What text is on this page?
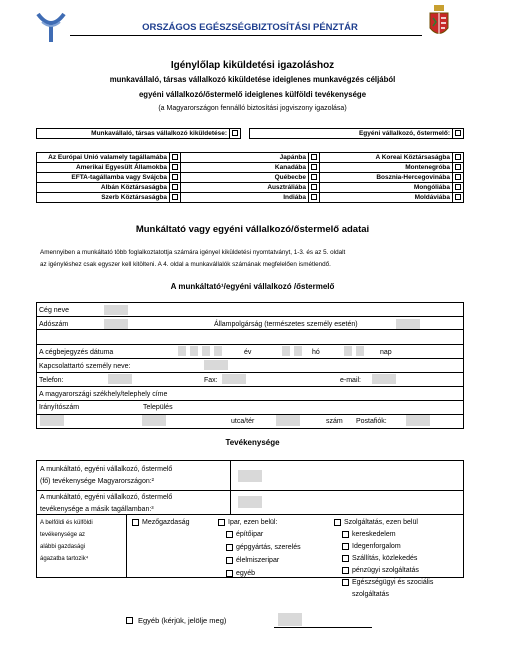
ORSZÁGOS EGÉSZSÉGBIZTOSÍTÁSI PÉNZTÁR
Igénylőlap kiküldetési igazoláshoz
munkavállaló, társas vállalkozó kiküldetése ideiglenes munkavégzés céljából
egyéni vállalkozó/őstermelő ideiglenes külföldi tevékenysége
(a Magyarországon fennálló biztosítási jogviszony igazolása)
Munkavállaló, társas vállalkozó kiküldetése:			Egyéni vállalkozó, őstermelő:	
Az Európai Unió valamely tagállamába		Japánba		A Koreai Köztársaságba	
Amerikai Egyesült Államokba		Kanadába		Montenegróba	
EFTA-tagállamba vagy Svájcba		Québecbe		Bosznia-Hercegovinába	
Albán Köztársaságba		Ausztráliába		Mongóliába	
Szerb Köztársaságba		Indiába		Moldáviába	
Munkáltató vagy egyéni vállalkozó/őstermelő adatai
Amennyiben a munkáltató több foglalkoztatottja számára igényel kiküldetési nyomtatványt, 1-3. és az 5. oldalt
az igényléshez csak egyszer kell kitölteni. A 4. oldal a munkavállalók számának megfelelően ismétlendő.
A munkáltató¹/egyéni vállalkozó /őstermelő
Cég neve
Adószám	Állampolgárság (természetes személy esetén)
A cégbejegyzés dátuma	év	hó	nap
Kapcsolattartó személy neve:
Telefon:	Fax:	e-mail:
A magyarországi székhely/telephely címe
Irányítószám	Település
utca/tér	szám Postafiók:
Tevékenysége
A munkáltató, egyéni vállalkozó, őstermelő
(fő) tevékenysége Magyarországon:²
A munkáltató, egyéni vállalkozó, őstermelő
tevékenysége a másik tagállamban:³
A belföldi és külföldi
tevékenysége az
alábbi gazdasági
ágazatba tartozik⁴
Mezőgazdaság	Ipar, ezen belül:
építőipar
gépgyártás, szerelés
élelmiszeripar
egyéb
Szolgáltatás, ezen belül
kereskedelem
Idegenforgalom
Szállítás, közlekedés
pénzügyi szolgáltatás
Egészségügyi és szociális
szolgáltatás
Egyéb (kérjük, jelölje meg)
